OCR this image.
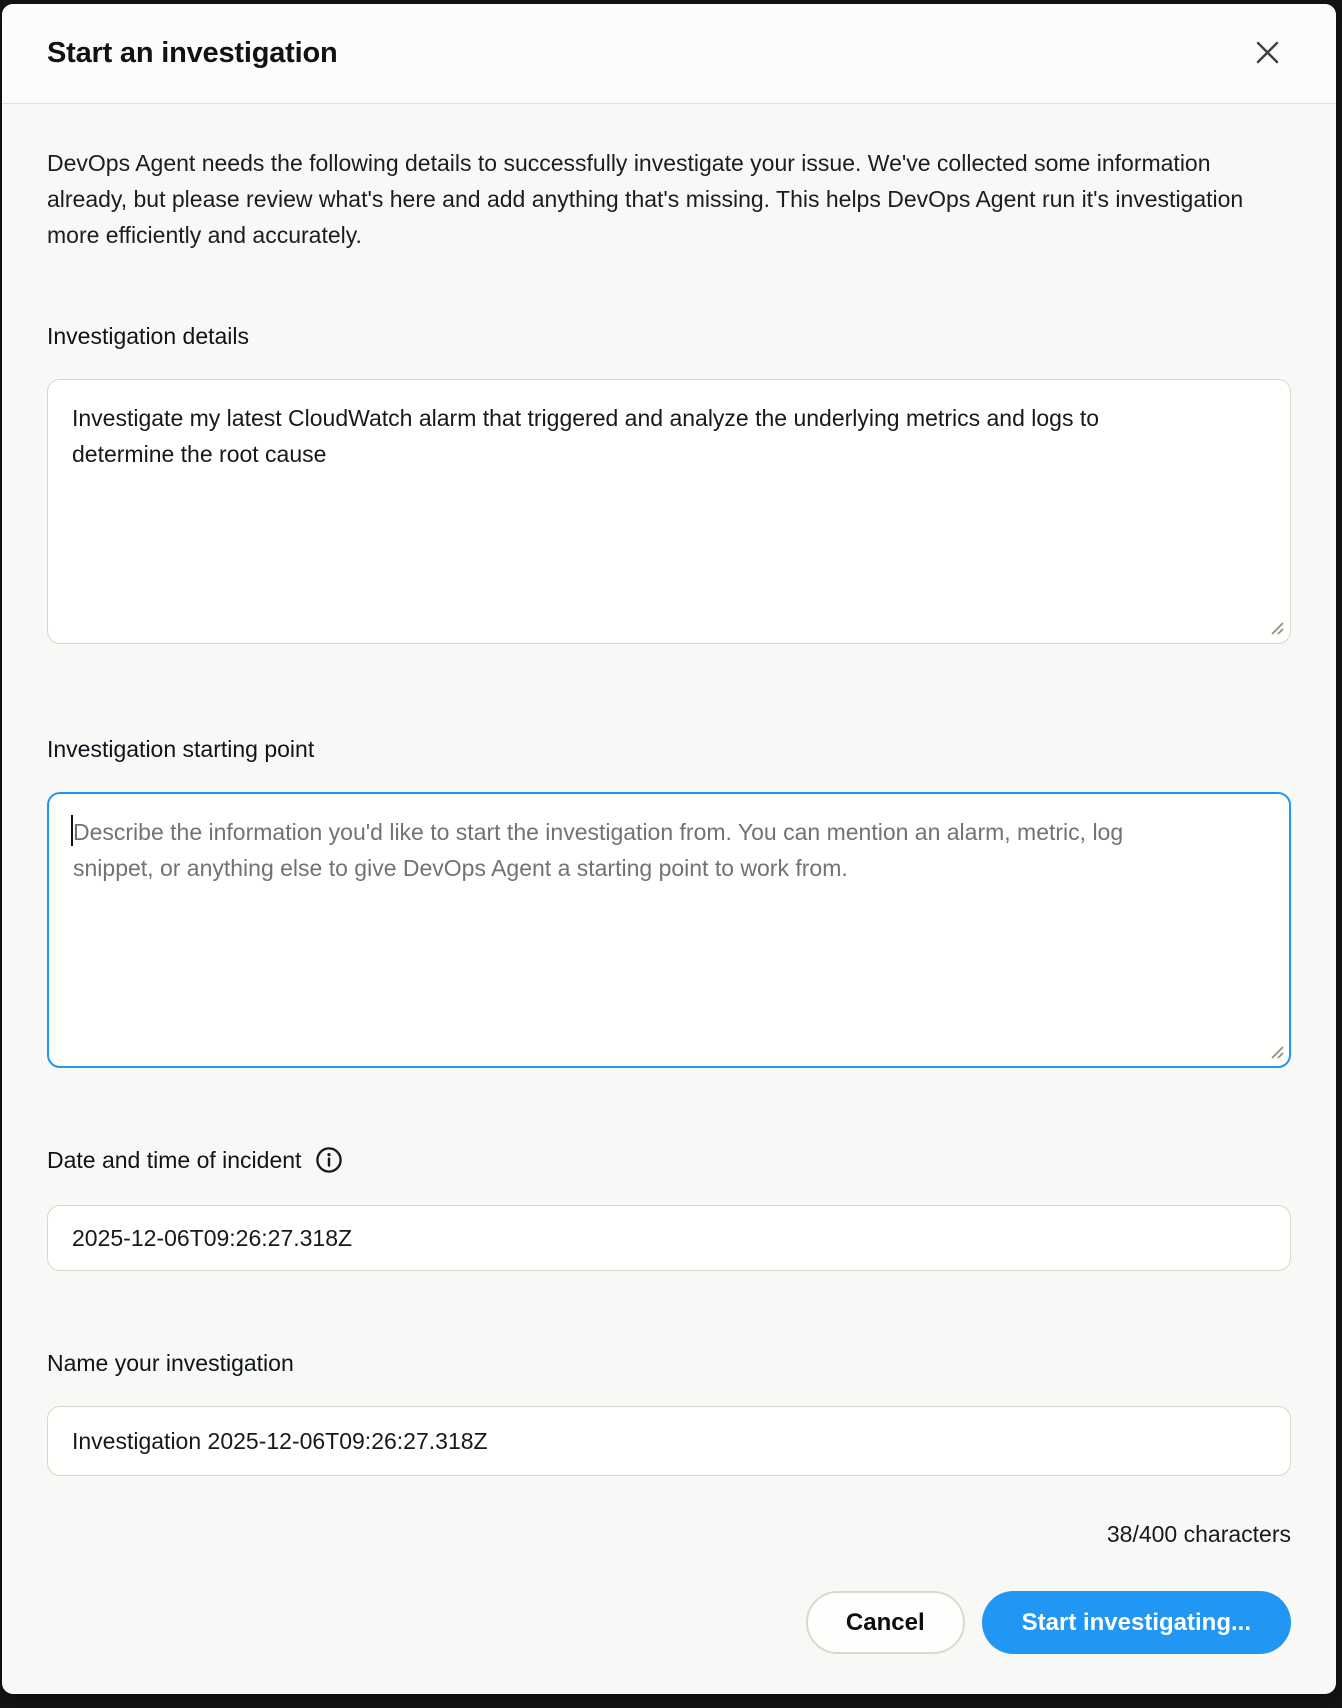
Start an investigation

DevOps Agent needs the following details to successfully investigate your issue. We've collected some information already, but please review what's here and add anything that's missing. This helps DevOps Agent run it's investigation more efficiently and accurately.

Investigation details
Investigate my latest CloudWatch alarm that triggered and analyze the underlying metrics and logs to determine the root cause
Investigation starting point
Describe the information you'd like to start the investigation from. You can mention an alarm, metric, log snippet, or anything else to give DevOps Agent a starting point to work from.
Date and time of incident
2025-12-06T09:26:27.318Z
Name your investigation
Investigation 2025-12-06T09:26:27.318Z
38/400 characters
Cancel	Start investigating...
